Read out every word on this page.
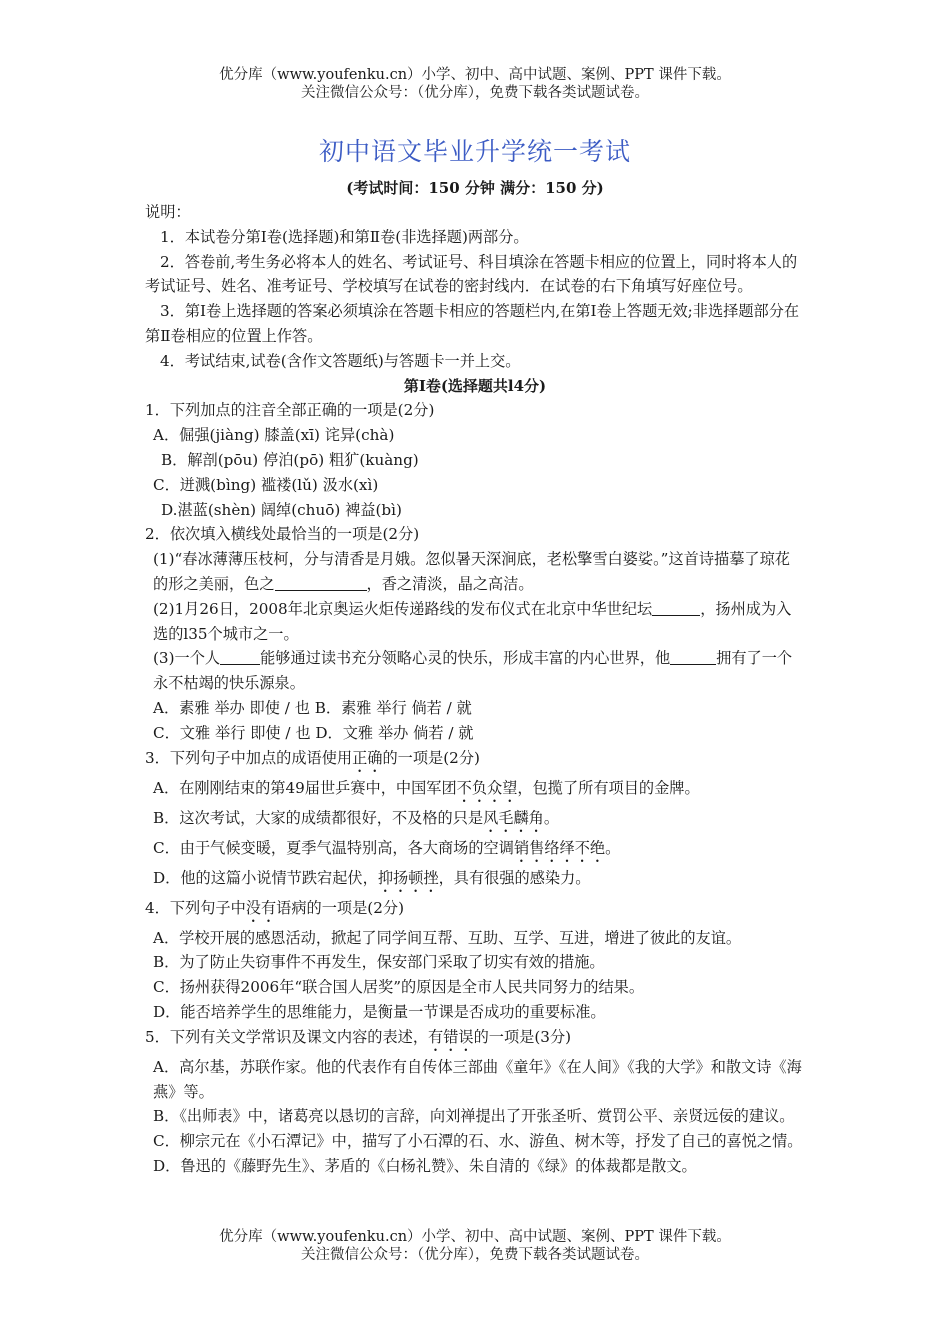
优分库（www.youfenku.cn）小学、初中、高中试题、案例、PPT 课件下载。
关注微信公众号：（优分库），免费下载各类试题试卷。
初中语文毕业升学统一考试
(考试时间：150 分钟 满分：150 分)

说明：

1．本试卷分第Ⅰ卷(选择题)和第Ⅱ卷(非选择题)两部分。

2．答卷前,考生务必将本人的姓名、考试证号、科目填涂在答题卡相应的位置上，同时将本人的考试证号、姓名、准考证号、学校填写在试卷的密封线内．在试卷的右下角填写好座位号。

3．第Ⅰ卷上选择题的答案必须填涂在答题卡相应的答题栏内,在第Ⅰ卷上答题无效;非选择题部分在第Ⅱ卷相应的位置上作答。

4．考试结束,试卷(含作文答题纸)与答题卡一并上交。

第Ⅰ卷(选择题共l4分)

1．下列加点的注音全部正确的一项是(2分)

A．倔强(jiàng) 膝盖(xī) 诧异(chà)

B．解剖(pōu) 停泊(pō) 粗犷(kuàng)

C．迸溅(bìng) 褴褛(lǔ) 汲水(xì)

D.湛蓝(shèn) 阔绰(chuō) 裨益(bì)

2．依次填入横线处最恰当的一项是(2分)

(1)“春冰薄薄压枝柯，分与清香是月娥。忽似暑天深涧底，老松擎雪白婆娑。”这首诗描摹了琼花的形之美丽，色之	，香之清淡，晶之高洁。

(2)1月26日，2008年北京奥运火炬传递路线的发布仪式在北京中华世纪坛	，扬州成为入选的l35个城市之一。

(3)一个人	能够通过读书充分领略心灵的快乐，形成丰富的内心世界，他	拥有了一个永不枯竭的快乐源泉。

A．素雅 举办 即使 / 也 B．素雅 举行 倘若 / 就

C．文雅 举行 即使 / 也 D．文雅 举办 倘若 / 就

3．下列句子中加点的成语使用正确的一项是(2分)

A．在刚刚结束的第49届世乒赛中，中国军团不负众望，包揽了所有项目的金牌。

B．这次考试，大家的成绩都很好，不及格的只是风毛麟角。

C．由于气候变暖，夏季气温特别高，各大商场的空调销售络绎不绝。

D．他的这篇小说情节跌宕起伏，抑扬顿挫，具有很强的感染力。

4．下列句子中没有语病的一项是(2分)

A．学校开展的感恩活动，掀起了同学间互帮、互助、互学、互进，增进了彼此的友谊。

B．为了防止失窃事件不再发生，保安部门采取了切实有效的措施。

C．扬州获得2006年“联合国人居奖”的原因是全市人民共同努力的结果。

D．能否培养学生的思维能力，是衡量一节课是否成功的重要标准。

5．下列有关文学常识及课文内容的表述，有错误的一项是(3分)

A．高尔基，苏联作家。他的代表作有自传体三部曲《童年》《在人间》《我的大学》和散文诗《海燕》等。

B．《出师表》中，诸葛亮以恳切的言辞，向刘禅提出了开张圣听、赏罚公平、亲贤远佞的建议。

C．柳宗元在《小石潭记》中，描写了小石潭的石、水、游鱼、树木等，抒发了自己的喜悦之情。

D．鲁迅的《藤野先生》、茅盾的《白杨礼赞》、朱自清的《绿》的体裁都是散文。

优分库（www.youfenku.cn）小学、初中、高中试题、案例、PPT 课件下载。
关注微信公众号：（优分库），免费下载各类试题试卷。
